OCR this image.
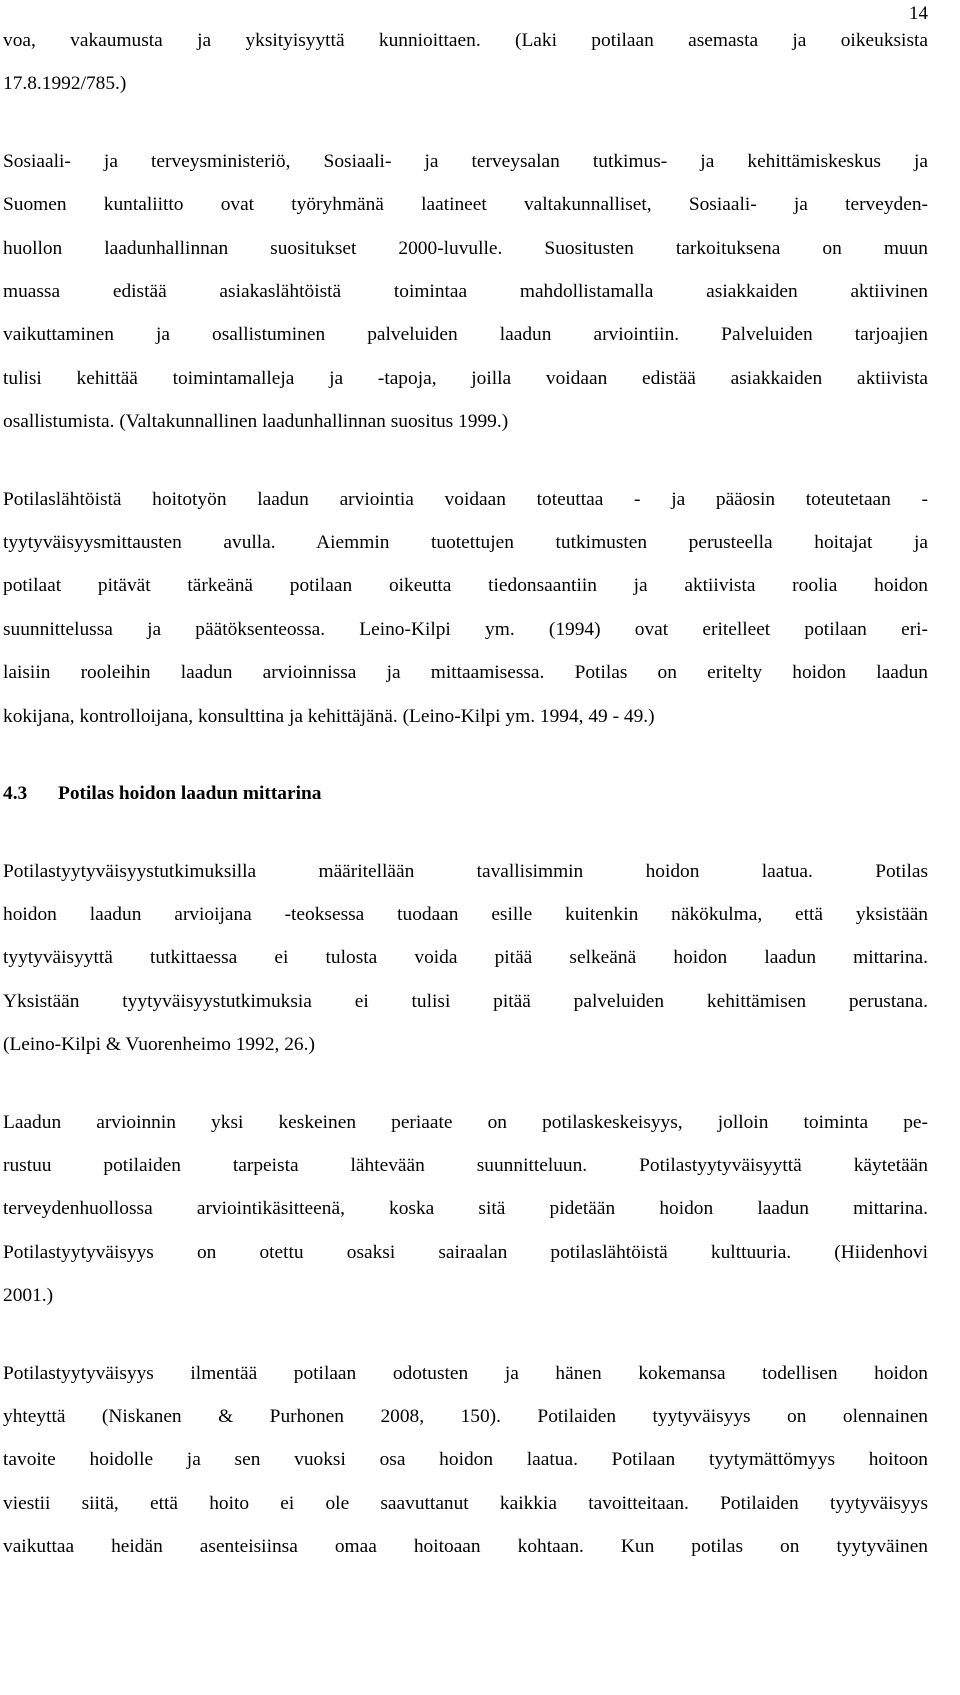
14

voa, vakaumusta ja yksityisyyttä kunnioittaen. (Laki potilaan asemasta ja oikeuksista
17.8.1992/785.)

Sosiaali- ja terveysministeriö, Sosiaali- ja terveysalan tutkimus- ja kehittämiskeskus ja
Suomen kuntaliitto ovat työryhmänä laatineet valtakunnalliset, Sosiaali- ja terveyden-
huollon laadunhallinnan suositukset 2000-luvulle. Suositusten tarkoituksena on muun
muassa edistää asiakaslähtöistä toimintaa mahdollistamalla asiakkaiden aktiivinen
vaikuttaminen ja osallistuminen palveluiden laadun arviointiin. Palveluiden tarjoajien
tulisi kehittää toimintamalleja ja -tapoja, joilla voidaan edistää asiakkaiden aktiivista
osallistumista. (Valtakunnallinen laadunhallinnan suositus 1999.)

Potilaslähtöistä hoitotyön laadun arviointia voidaan toteuttaa - ja pääosin toteutetaan -
tyytyväisyysmittausten avulla. Aiemmin tuotettujen tutkimusten perusteella hoitajat ja
potilaat pitävät tärkeänä potilaan oikeutta tiedonsaantiin ja aktiivista roolia hoidon
suunnittelussa ja päätöksenteossa. Leino-Kilpi ym. (1994) ovat eritelleet potilaan eri-
laisiin rooleihin laadun arvioinnissa ja mittaamisessa. Potilas on eritelty hoidon laadun
kokijana, kontrolloijana, konsulttina ja kehittäjänä. (Leino-Kilpi ym. 1994, 49 - 49.)

4.3 Potilas hoidon laadun mittarina

Potilastyytyväisyystutkimuksilla määritellään tavallisimmin hoidon laatua. Potilas
hoidon laadun arvioijana -teoksessa tuodaan esille kuitenkin näkökulma, että yksistään
tyytyväisyyttä tutkittaessa ei tulosta voida pitää selkeänä hoidon laadun mittarina.
Yksistään tyytyväisyystutkimuksia ei tulisi pitää palveluiden kehittämisen perustana.
(Leino-Kilpi & Vuorenheimo 1992, 26.)

Laadun arvioinnin yksi keskeinen periaate on potilaskeskeisyys, jolloin toiminta pe-
rustuu potilaiden tarpeista lähtevään suunnitteluun. Potilastyytyväisyyttä käytetään
terveydenhuollossa arviointikäsitteenä, koska sitä pidetään hoidon laadun mittarina.
Potilastyytyväisyys on otettu osaksi sairaalan potilaslähtöistä kulttuuria. (Hiidenhovi
2001.)

Potilastyytyväisyys ilmentää potilaan odotusten ja hänen kokemansa todellisen hoidon
yhteyttä (Niskanen & Purhonen 2008, 150). Potilaiden tyytyväisyys on olennainen
tavoite hoidolle ja sen vuoksi osa hoidon laatua. Potilaan tyytymättömyys hoitoon
viestii siitä, että hoito ei ole saavuttanut kaikkia tavoitteitaan. Potilaiden tyytyväisyys
vaikuttaa heidän asenteisiinsa omaa hoitoaan kohtaan. Kun potilas on tyytyväinen
